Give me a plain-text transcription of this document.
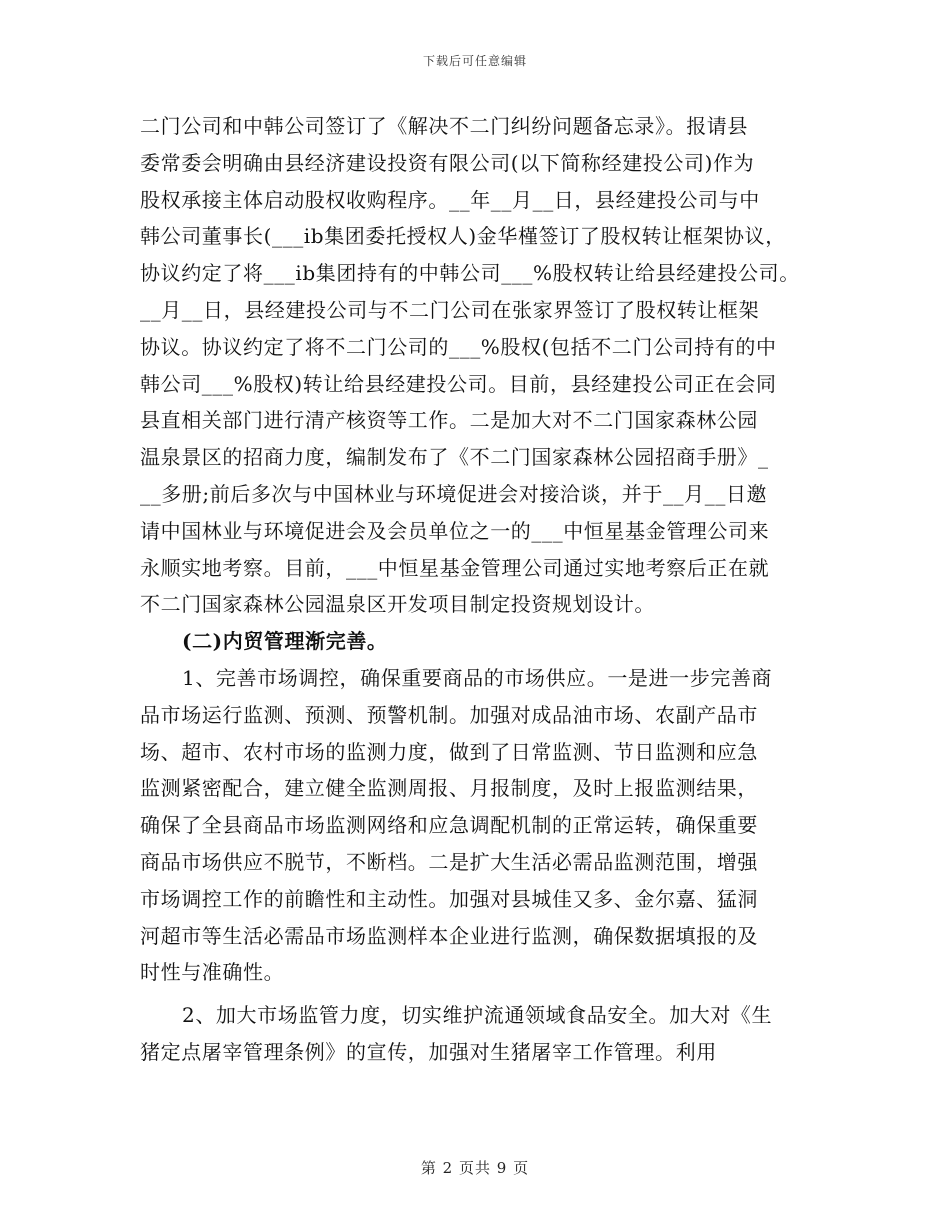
下载后可任意编辑
二门公司和中韩公司签订了《解决不二门纠纷问题备忘录》。报请县
委常委会明确由县经济建设投资有限公司(以下简称经建投公司)作为
股权承接主体启动股权收购程序。__年__月__日，县经建投公司与中
韩公司董事长(___ib集团委托授权人)金华槿签订了股权转让框架协议，
协议约定了将___ib集团持有的中韩公司___%股权转让给县经建投公司。
__月__日，县经建投公司与不二门公司在张家界签订了股权转让框架
协议。协议约定了将不二门公司的___%股权(包括不二门公司持有的中
韩公司___%股权)转让给县经建投公司。目前，县经建投公司正在会同
县直相关部门进行清产核资等工作。二是加大对不二门国家森林公园
温泉景区的招商力度，编制发布了《不二门国家森林公园招商手册》_
__多册;前后多次与中国林业与环境促进会对接洽谈，并于__月__日邀
请中国林业与环境促进会及会员单位之一的___中恒星基金管理公司来
永顺实地考察。目前，___中恒星基金管理公司通过实地考察后正在就
不二门国家森林公园温泉区开发项目制定投资规划设计。
(二)内贸管理渐完善。
1、完善市场调控，确保重要商品的市场供应。一是进一步完善商
品市场运行监测、预测、预警机制。加强对成品油市场、农副产品市
场、超市、农村市场的监测力度，做到了日常监测、节日监测和应急
监测紧密配合，建立健全监测周报、月报制度，及时上报监测结果，
确保了全县商品市场监测网络和应急调配机制的正常运转，确保重要
商品市场供应不脱节，不断档。二是扩大生活必需品监测范围，增强
市场调控工作的前瞻性和主动性。加强对县城佳又多、金尔嘉、猛洞
河超市等生活必需品市场监测样本企业进行监测，确保数据填报的及
时性与准确性。
2、加大市场监管力度，切实维护流通领域食品安全。加大对《生
猪定点屠宰管理条例》的宣传，加强对生猪屠宰工作管理。利用
第 2 页共 9 页
